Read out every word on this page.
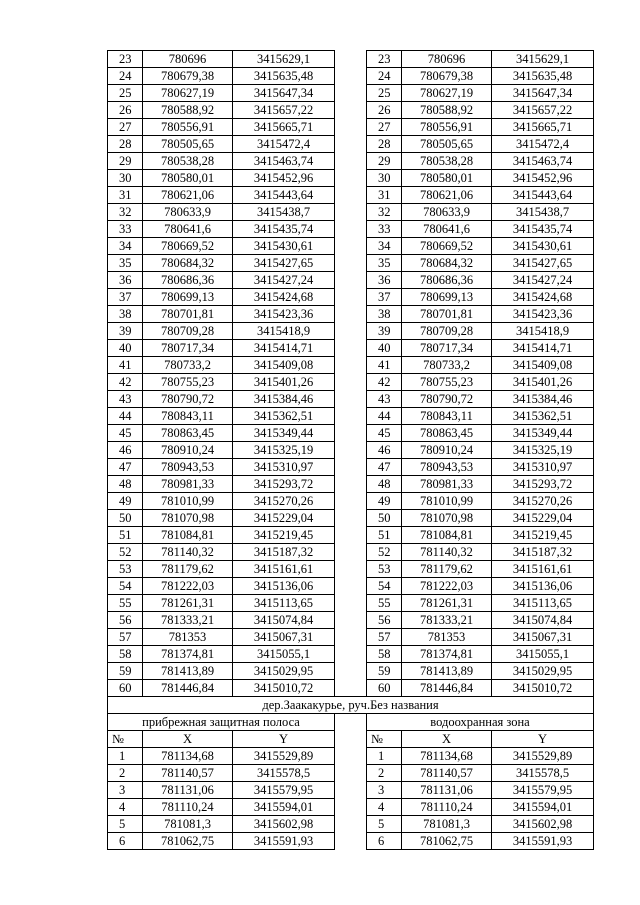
23	780696	3415629,1	23	780696	3415629,1
24	780679,38	3415635,48	24	780679,38	3415635,48
25	780627,19	3415647,34	25	780627,19	3415647,34
26	780588,92	3415657,22	26	780588,92	3415657,22
27	780556,91	3415665,71	27	780556,91	3415665,71
28	780505,65	3415472,4	28	780505,65	3415472,4
29	780538,28	3415463,74	29	780538,28	3415463,74
30	780580,01	3415452,96	30	780580,01	3415452,96
31	780621,06	3415443,64	31	780621,06	3415443,64
32	780633,9	3415438,7	32	780633,9	3415438,7
33	780641,6	3415435,74	33	780641,6	3415435,74
34	780669,52	3415430,61	34	780669,52	3415430,61
35	780684,32	3415427,65	35	780684,32	3415427,65
36	780686,36	3415427,24	36	780686,36	3415427,24
37	780699,13	3415424,68	37	780699,13	3415424,68
38	780701,81	3415423,36	38	780701,81	3415423,36
39	780709,28	3415418,9	39	780709,28	3415418,9
40	780717,34	3415414,71	40	780717,34	3415414,71
41	780733,2	3415409,08	41	780733,2	3415409,08
42	780755,23	3415401,26	42	780755,23	3415401,26
43	780790,72	3415384,46	43	780790,72	3415384,46
44	780843,11	3415362,51	44	780843,11	3415362,51
45	780863,45	3415349,44	45	780863,45	3415349,44
46	780910,24	3415325,19	46	780910,24	3415325,19
47	780943,53	3415310,97	47	780943,53	3415310,97
48	780981,33	3415293,72	48	780981,33	3415293,72
49	781010,99	3415270,26	49	781010,99	3415270,26
50	781070,98	3415229,04	50	781070,98	3415229,04
51	781084,81	3415219,45	51	781084,81	3415219,45
52	781140,32	3415187,32	52	781140,32	3415187,32
53	781179,62	3415161,61	53	781179,62	3415161,61
54	781222,03	3415136,06	54	781222,03	3415136,06
55	781261,31	3415113,65	55	781261,31	3415113,65
56	781333,21	3415074,84	56	781333,21	3415074,84
57	781353	3415067,31	57	781353	3415067,31
58	781374,81	3415055,1	58	781374,81	3415055,1
59	781413,89	3415029,95	59	781413,89	3415029,95
60	781446,84	3415010,72	60	781446,84	3415010,72
дер.Заакакурье, руч.Без названия
прибрежная защитная полоса	водоохранная зона
№	X	Y	№	X	Y
1	781134,68	3415529,89	1	781134,68	3415529,89
2	781140,57	3415578,5	2	781140,57	3415578,5
3	781131,06	3415579,95	3	781131,06	3415579,95
4	781110,24	3415594,01	4	781110,24	3415594,01
5	781081,3	3415602,98	5	781081,3	3415602,98
6	781062,75	3415591,93	6	781062,75	3415591,93
